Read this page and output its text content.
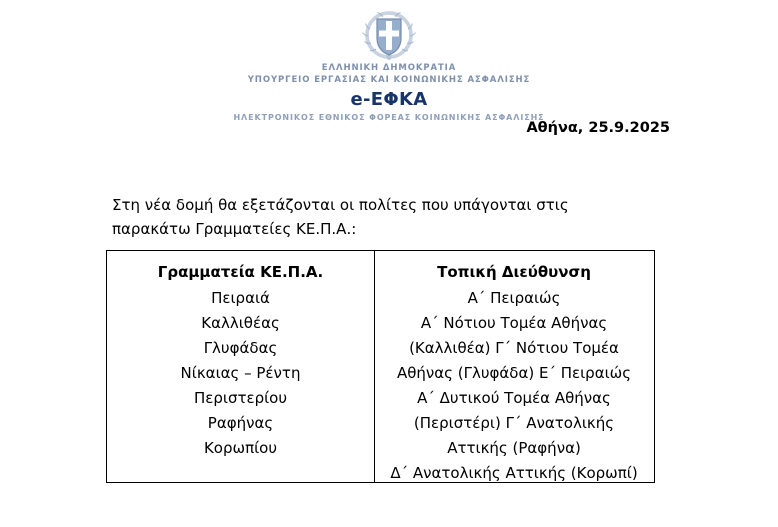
ΕΛΛΗΝΙΚΗ ΔΗΜΟΚΡΑΤΙΑ
ΥΠΟΥΡΓΕΙΟ ΕΡΓΑΣΙΑΣ ΚΑΙ ΚΟΙΝΩΝΙΚΗΣ ΑΣΦΑΛΙΣΗΣ
e-ΕΦΚΑ
ΗΛΕΚΤΡΟΝΙΚΟΣ ΕΘΝΙΚΟΣ ΦΟΡΕΑΣ ΚΟΙΝΩΝΙΚΗΣ ΑΣΦΑΛΙΣΗΣ
Αθήνα, 25.9.2025

Στη νέα δομή θα εξετάζονται οι πολίτες που υπάγονται στις παρακάτω Γραμματείες ΚΕ.Π.Α.:

Γραμματεία ΚΕ.Π.Α.
Πειραιά
Καλλιθέας
Γλυφάδας
Νίκαιας – Ρέντη
Περιστερίου
Ραφήνας
Κορωπίου
Τοπική Διεύθυνση
Α΄ Πειραιώς
Α΄ Νότιου Τομέα Αθήνας
(Καλλιθέα) Γ΄ Νότιου Τομέα
Αθήνας (Γλυφάδα) Ε΄ Πειραιώς
Α΄ Δυτικού Τομέα Αθήνας
(Περιστέρι) Γ΄ Ανατολικής
Αττικής (Ραφήνα)
Δ΄ Ανατολικής Αττικής (Κορωπί)
